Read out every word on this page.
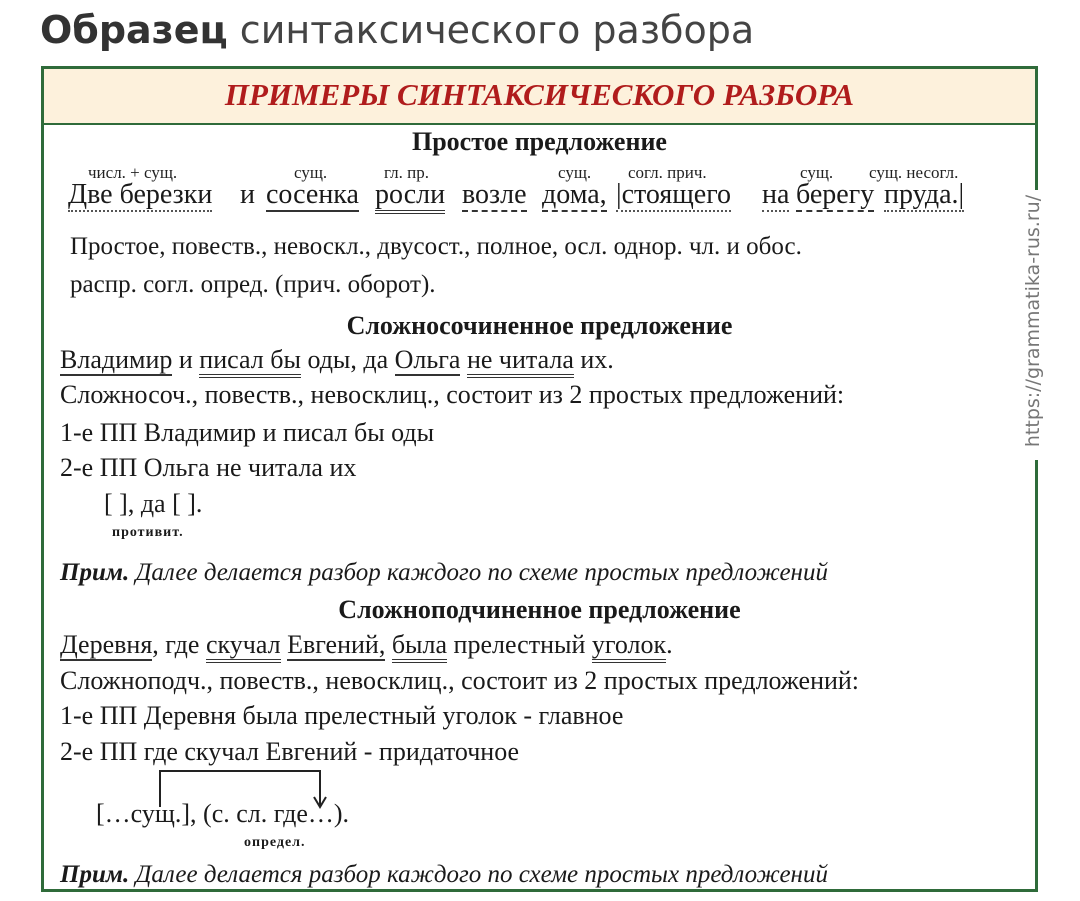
Образец синтаксического разбора
ПРИМЕРЫ СИНТАКСИЧЕСКОГО РАЗБОРА
Простое предложение
числ. + сущ.	сущ.	гл. пр.	сущ. согл. прич.	сущ. сущ. несогл.
Две березки и сосенка росли возле дома, |стоящего на берегу пруда.|
Простое, повеств., невоскл., двусост., полное, осл. одноp. чл. и обос.
распр. согл. опред. (прич. оборот).
Сложносочиненное предложение
Владимир и писал бы оды, да Ольга не читала их.
Сложносоч., повеств., невосклиц., состоит из 2 простых предложений:
1-е ПП Владимир и писал бы оды
2-е ПП Ольга не читала их
[ ], да [ ].
противит.
Прим. Далее делается разбор каждого по схеме простых предложений
Сложноподчиненное предложение
Деревня, где скучал Евгений, была прелестный уголок.
Сложноподч., повеств., невосклиц., состоит из 2 простых предложений:
1-е ПП Деревня была прелестный уголок - главное
2-е ПП где скучал Евгений - придаточное
[…сущ.], (с. сл. где…).
определ.
Прим. Далее делается разбор каждого по схеме простых предложений
https://grammatika-rus.ru/
